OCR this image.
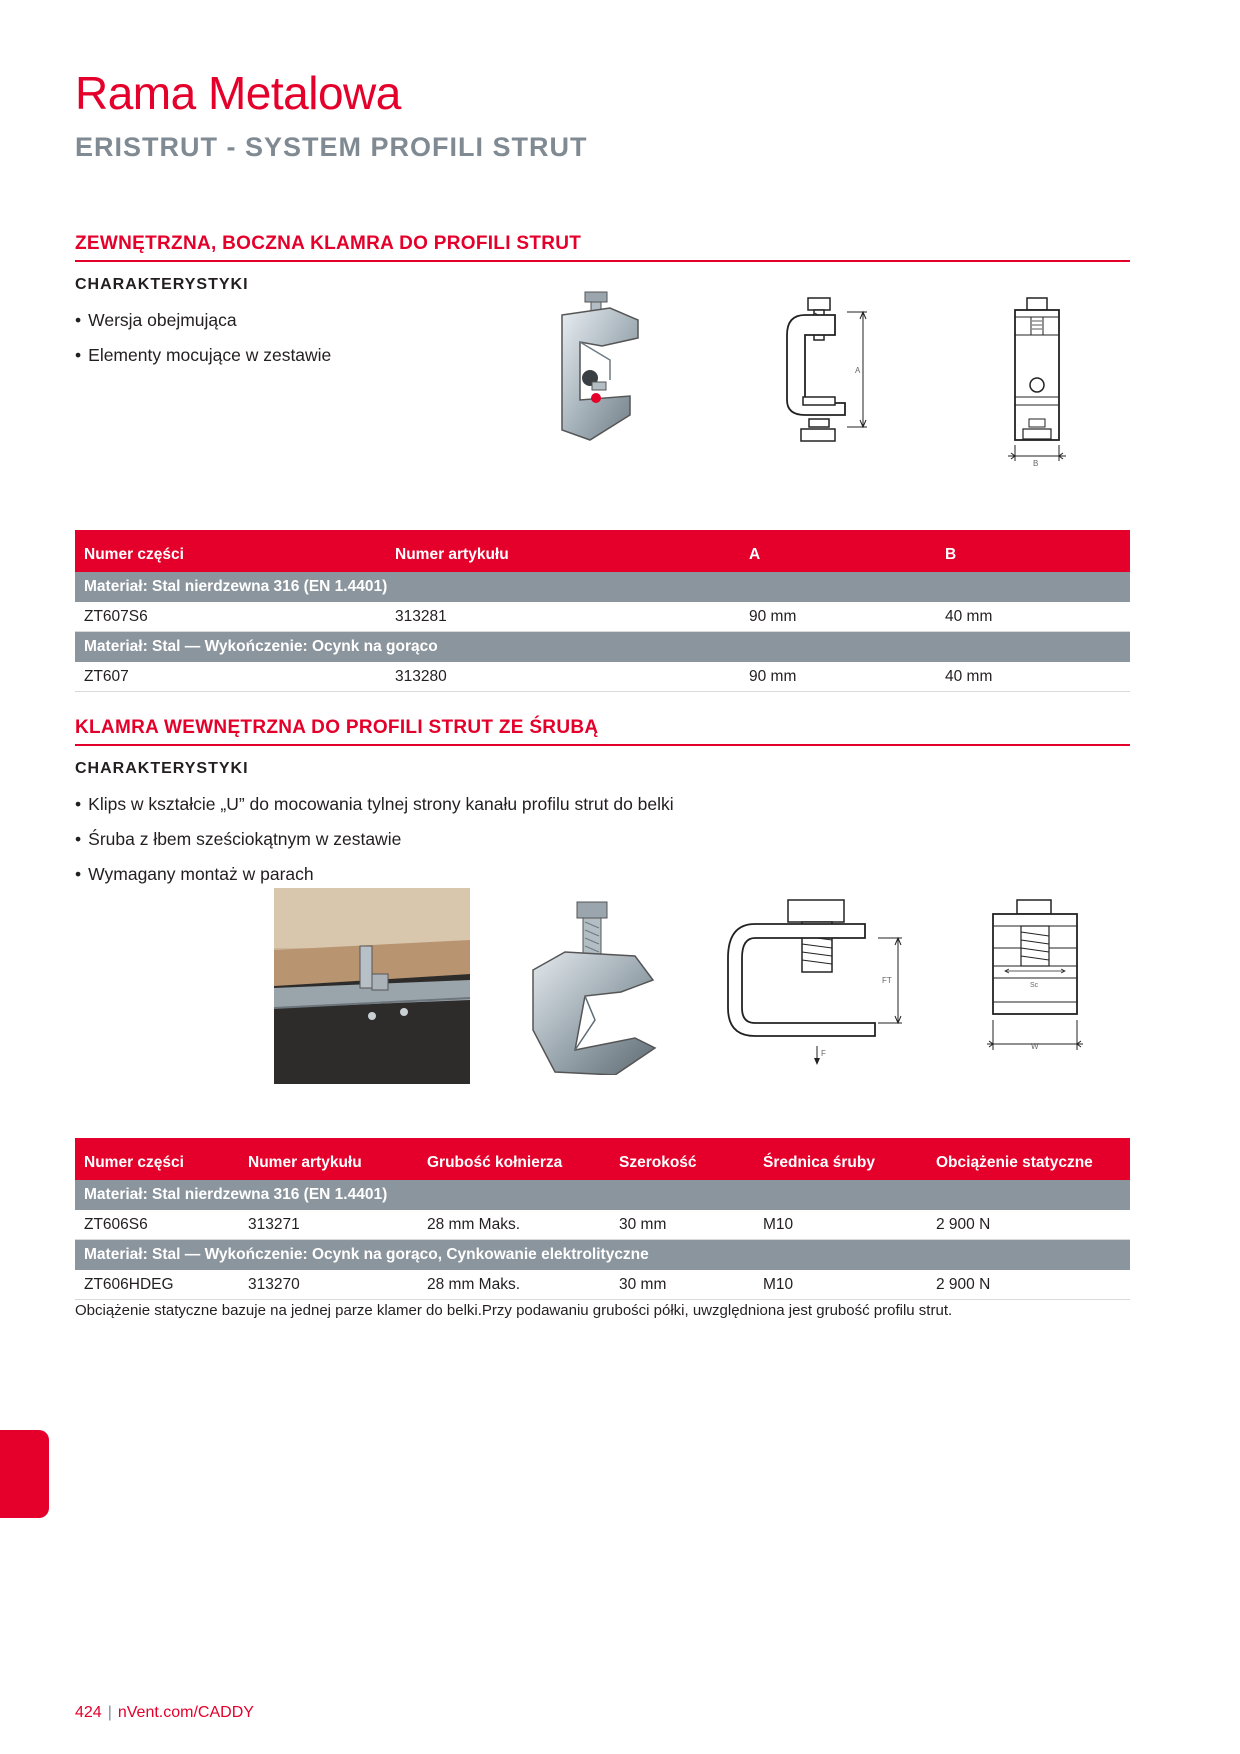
Rama Metalowa
ERISTRUT - SYSTEM PROFILI STRUT
ZEWNĘTRZNA, BOCZNA KLAMRA DO PROFILI STRUT
CHARAKTERYSTYKI
• Wersja obejmująca
• Elementy mocujące w zestawie
A
B
Numer części	Numer artykułu	A	B
Materiał: Stal nierdzewna 316 (EN 1.4401)			
ZT607S6	313281	90 mm	40 mm
Materiał: Stal — Wykończenie: Ocynk na gorąco			
ZT607	313280	90 mm	40 mm
KLAMRA WEWNĘTRZNA DO PROFILI STRUT ZE ŚRUBĄ
CHARAKTERYSTYKI
• Klips w kształcie „U” do mocowania tylnej strony kanału profilu strut do belki
• Śruba z łbem sześciokątnym w zestawie
• Wymagany montaż w parach
FT
F
Sc
W
Numer części	Numer artykułu	Grubość kołnierza	Szerokość	Średnica śruby	Obciążenie statyczne
Materiał: Stal nierdzewna 316 (EN 1.4401)					
ZT606S6	313271	28 mm Maks.	30 mm	M10	2 900 N
Materiał: Stal — Wykończenie: Ocynk na gorąco, Cynkowanie elektrolityczne					
ZT606HDEG	313270	28 mm Maks.	30 mm	M10	2 900 N
Obciążenie statyczne bazuje na jednej parze klamer do belki.Przy podawaniu grubości półki, uwzględniona jest grubość profilu strut.
424 | nVent.com/CADDY
